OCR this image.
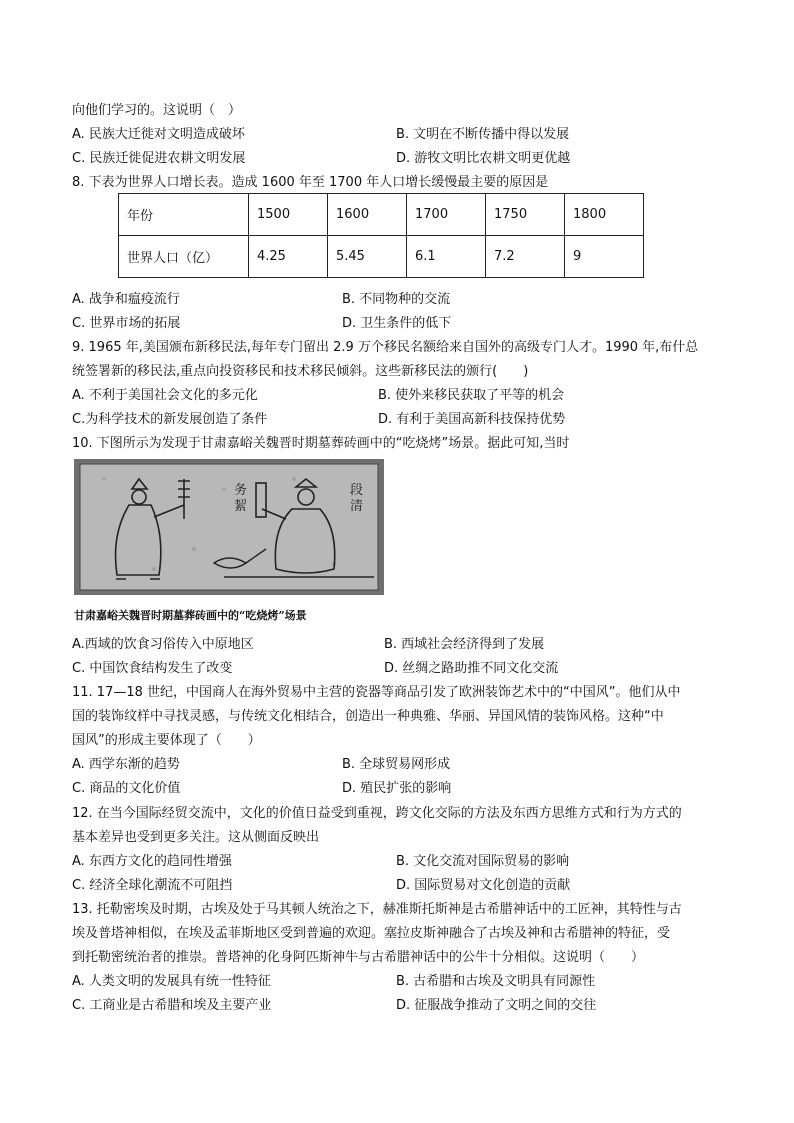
向他们学习的。这说明（　）
A. 民族大迁徙对文明造成破坏	B. 文明在不断传播中得以发展
C. 民族迁徙促进农耕文明发展	D. 游牧文明比农耕文明更优越
8. 下表为世界人口增长表。造成 1600 年至 1700 年人口增长缓慢最主要的原因是
年份	1500	1600	1700	1750	1800
世界人口（亿）	4.25	5.45	6.1	7.2	9
A. 战争和瘟疫流行	B. 不同物种的交流
C. 世界市场的拓展	D. 卫生条件的低下
9. 1965 年,美国颁布新移民法,每年专门留出 2.9 万个移民名额给来自国外的高级专门人才。1990 年,布什总
统签署新的移民法,重点向投资移民和技术移民倾斜。这些新移民法的颁行(　　)
A. 不利于美国社会文化的多元化	B. 使外来移民获取了平等的机会
C.为科学技术的新发展创造了条件	D. 有利于美国高新科技保持优势
10. 下图所示为发现于甘肃嘉峪关魏晋时期墓葬砖画中的“吃烧烤”场景。据此可知,当时
务絜
段清
甘肃嘉峪关魏晋时期墓葬砖画中的“吃烧烤”场景
A.西域的饮食习俗传入中原地区	B. 西域社会经济得到了发展
C. 中国饮食结构发生了改变	D. 丝绸之路助推不同文化交流
11. 17—18 世纪，中国商人在海外贸易中主营的瓷器等商品引发了欧洲装饰艺术中的“中国风”。他们从中
国的装饰纹样中寻找灵感，与传统文化相结合，创造出一种典雅、华丽、异国风情的装饰风格。这种“中
国风”的形成主要体现了（　　）
A. 西学东渐的趋势	B. 全球贸易网形成
C. 商品的文化价值	D. 殖民扩张的影响
12. 在当今国际经贸交流中，文化的价值日益受到重视，跨文化交际的方法及东西方思维方式和行为方式的
基本差异也受到更多关注。这从侧面反映出
A. 东西方文化的趋同性增强	B. 文化交流对国际贸易的影响
C. 经济全球化潮流不可阻挡	D. 国际贸易对文化创造的贡献
13. 托勒密埃及时期，古埃及处于马其顿人统治之下，赫准斯托斯神是古希腊神话中的工匠神，其特性与古
埃及普塔神相似，在埃及孟菲斯地区受到普遍的欢迎。塞拉皮斯神融合了古埃及神和古希腊神的特征，受
到托勒密统治者的推崇。普塔神的化身阿匹斯神牛与古希腊神话中的公牛十分相似。这说明（　　）
A. 人类文明的发展具有统一性特征	B. 古希腊和古埃及文明具有同源性
C. 工商业是古希腊和埃及主要产业	D. 征服战争推动了文明之间的交往
